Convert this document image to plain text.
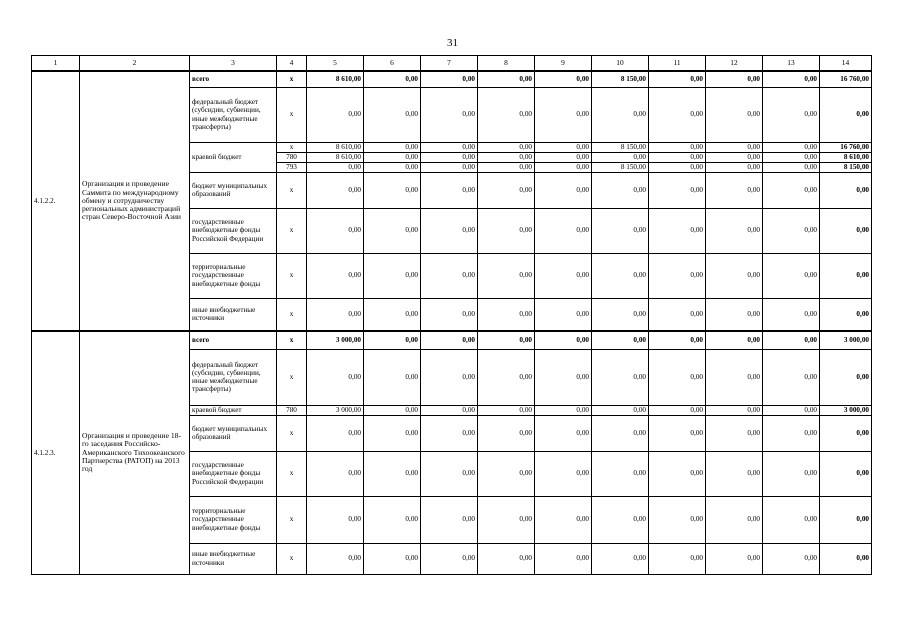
31
1	2	3	4	5	6	7	8	9	10	11	12	13	14
4.1.2.2.	Организация и проведение Саммита по международному обмену и сотрудничеству региональных администраций стран Северо-Восточной Азии	всего	x	8 610,00	0,00	0,00	0,00	0,00	8 150,00	0,00	0,00	0,00	16 760,00
		федеральный бюджет (субсидии, субвенции, иные межбюджетные трансферты)	x	0,00	0,00	0,00	0,00	0,00	0,00	0,00	0,00	0,00	0,00
		краевой бюджет	x	8 610,00	0,00	0,00	0,00	0,00	8 150,00	0,00	0,00	0,00	16 760,00
			780	8 610,00	0,00	0,00	0,00	0,00	0,00	0,00	0,00	0,00	8 610,00
			793	0,00	0,00	0,00	0,00	0,00	8 150,00	0,00	0,00	0,00	8 150,00
		бюджет муниципальных образований	x	0,00	0,00	0,00	0,00	0,00	0,00	0,00	0,00	0,00	0,00
		государственные внебюджетные фонды Российской Федерации	x	0,00	0,00	0,00	0,00	0,00	0,00	0,00	0,00	0,00	0,00
		территориальные государственные внебюджетные фонды	x	0,00	0,00	0,00	0,00	0,00	0,00	0,00	0,00	0,00	0,00
		иные внебюджетные источники	x	0,00	0,00	0,00	0,00	0,00	0,00	0,00	0,00	0,00	0,00
4.1.2.3.	Организация и проведение 18-го заседания Российско-Американского Тихоокеанского Партнерства (РАТОП) на 2013 год	всего	x	3 000,00	0,00	0,00	0,00	0,00	0,00	0,00	0,00	0,00	3 000,00
		федеральный бюджет (субсидии, субвенции, иные межбюджетные трансферты)	x	0,00	0,00	0,00	0,00	0,00	0,00	0,00	0,00	0,00	0,00
		краевой бюджет	780	3 000,00	0,00	0,00	0,00	0,00	0,00	0,00	0,00	0,00	3 000,00
		бюджет муниципальных образований	x	0,00	0,00	0,00	0,00	0,00	0,00	0,00	0,00	0,00	0,00
		государственные внебюджетные фонды Российской Федерации	x	0,00	0,00	0,00	0,00	0,00	0,00	0,00	0,00	0,00	0,00
		территориальные государственные внебюджетные фонды	x	0,00	0,00	0,00	0,00	0,00	0,00	0,00	0,00	0,00	0,00
		иные внебюджетные источники	x	0,00	0,00	0,00	0,00	0,00	0,00	0,00	0,00	0,00	0,00
